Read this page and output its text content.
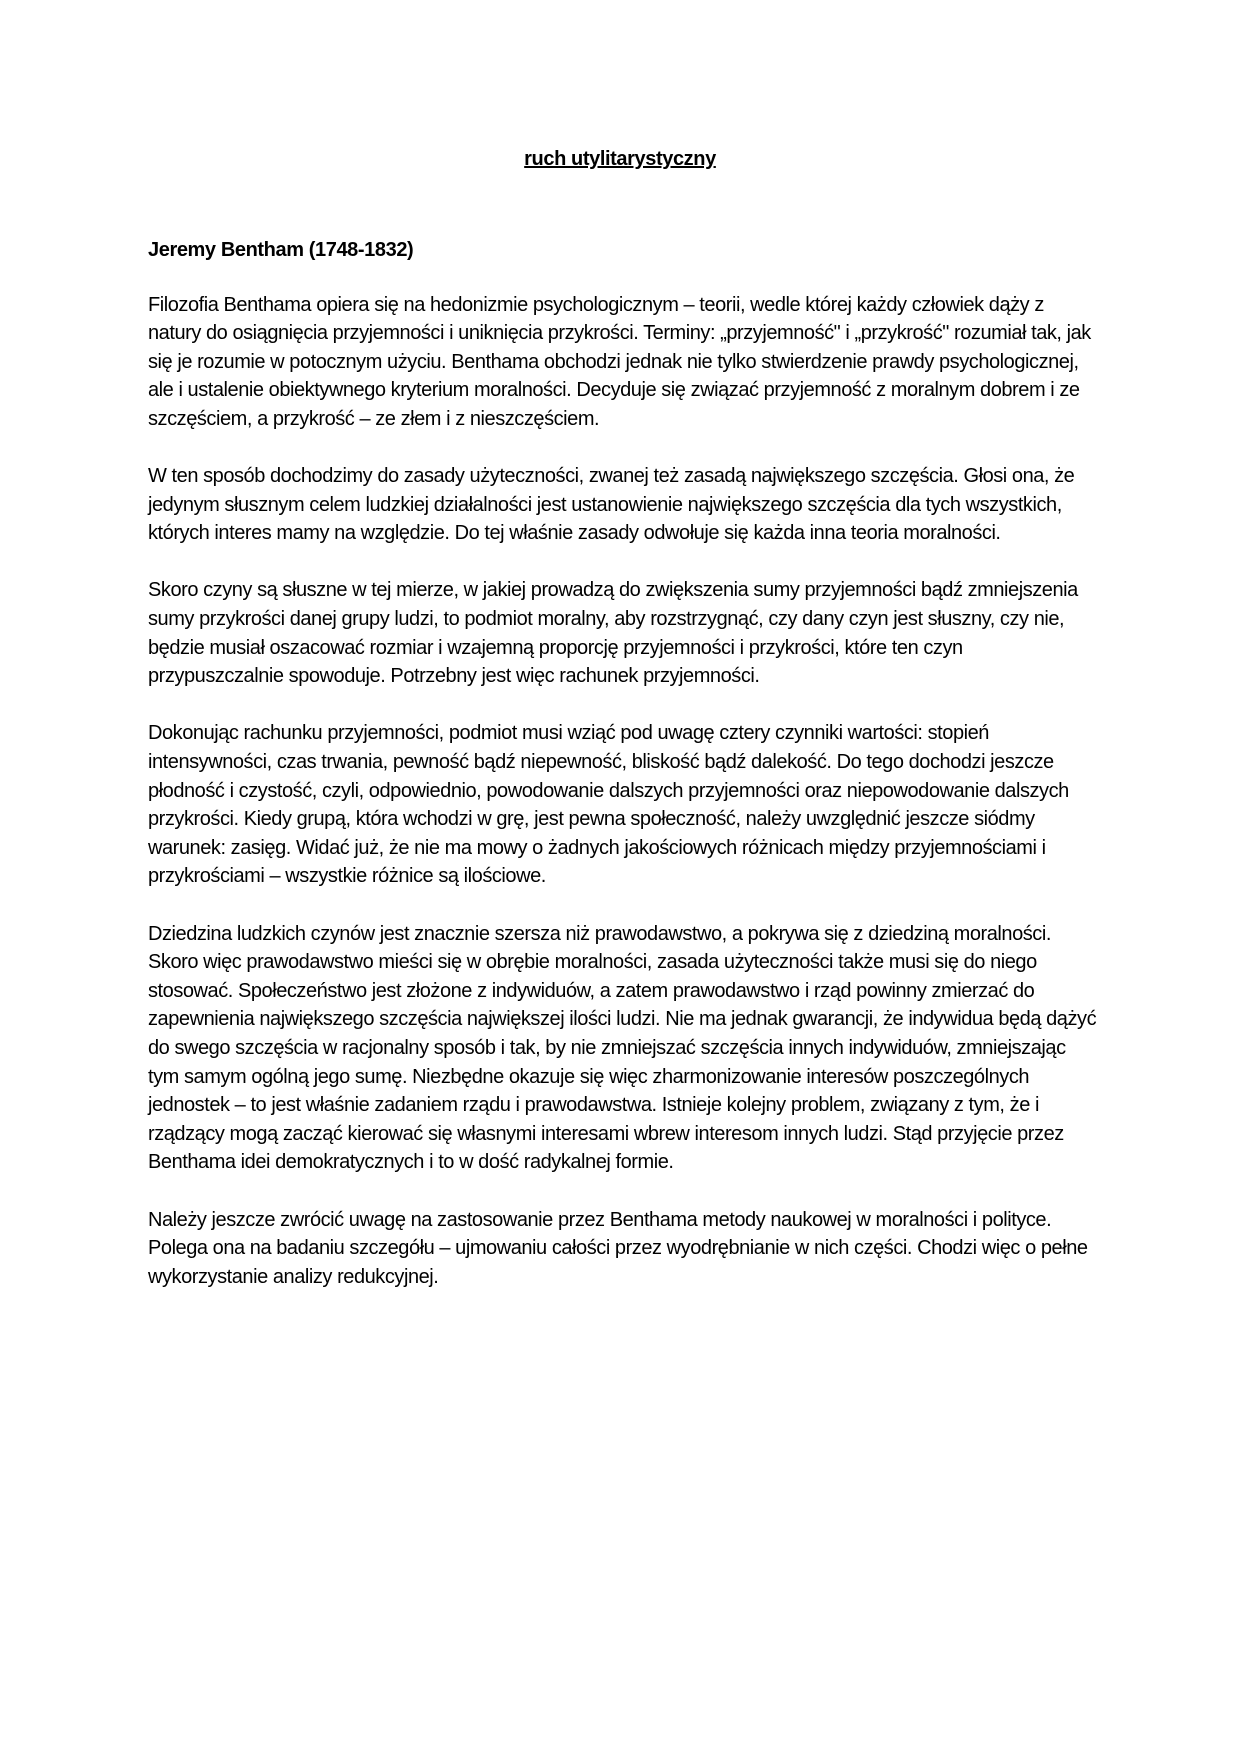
ruch utylitarystyczny
Jeremy Bentham (1748-1832)

Filozofia Benthama opiera się na hedonizmie psychologicznym – teorii, wedle której każdy człowiek dąży z natury do osiągnięcia przyjemności i uniknięcia przykrości. Terminy: „przyjemność" i „przykrość" rozumiał tak, jak się je rozumie w potocznym użyciu. Benthama obchodzi jednak nie tylko stwierdzenie prawdy psychologicznej, ale i ustalenie obiektywnego kryterium moralności. Decyduje się związać przyjemność z moralnym dobrem i ze szczęściem, a przykrość – ze złem i z nieszczęściem.

W ten sposób dochodzimy do zasady użyteczności, zwanej też zasadą największego szczęścia. Głosi ona, że jedynym słusznym celem ludzkiej działalności jest ustanowienie największego szczęścia dla tych wszystkich, których interes mamy na względzie. Do tej właśnie zasady odwołuje się każda inna teoria moralności.

Skoro czyny są słuszne w tej mierze, w jakiej prowadzą do zwiększenia sumy przyjemności bądź zmniejszenia sumy przykrości danej grupy ludzi, to podmiot moralny, aby rozstrzygnąć, czy dany czyn jest słuszny, czy nie, będzie musiał oszacować rozmiar i wzajemną proporcję przyjemności i przykrości, które ten czyn przypuszczalnie spowoduje. Potrzebny jest więc rachunek przyjemności.

Dokonując rachunku przyjemności, podmiot musi wziąć pod uwagę cztery czynniki wartości: stopień intensywności, czas trwania, pewność bądź niepewność, bliskość bądź dalekość. Do tego dochodzi jeszcze płodność i czystość, czyli, odpowiednio, powodowanie dalszych przyjemności oraz niepowodowanie dalszych przykrości. Kiedy grupą, która wchodzi w grę, jest pewna społeczność, należy uwzględnić jeszcze siódmy warunek: zasięg. Widać już, że nie ma mowy o żadnych jakościowych różnicach między przyjemnościami i przykrościami – wszystkie różnice są ilościowe.

Dziedzina ludzkich czynów jest znacznie szersza niż prawodawstwo, a pokrywa się z dziedziną moralności. Skoro więc prawodawstwo mieści się w obrębie moralności, zasada użyteczności także musi się do niego stosować. Społeczeństwo jest złożone z indywiduów, a zatem prawodawstwo i rząd powinny zmierzać do zapewnienia największego szczęścia największej ilości ludzi. Nie ma jednak gwarancji, że indywidua będą dążyć do swego szczęścia w racjonalny sposób i tak, by nie zmniejszać szczęścia innych indywiduów, zmniejszając tym samym ogólną jego sumę. Niezbędne okazuje się więc zharmonizowanie interesów poszczególnych jednostek – to jest właśnie zadaniem rządu i prawodawstwa. Istnieje kolejny problem, związany z tym, że i rządzący mogą zacząć kierować się własnymi interesami wbrew interesom innych ludzi. Stąd przyjęcie przez Benthama idei demokratycznych i to w dość radykalnej formie.

Należy jeszcze zwrócić uwagę na zastosowanie przez Benthama metody naukowej w moralności i polityce. Polega ona na badaniu szczegółu – ujmowaniu całości przez wyodrębnianie w nich części. Chodzi więc o pełne wykorzystanie analizy redukcyjnej.
